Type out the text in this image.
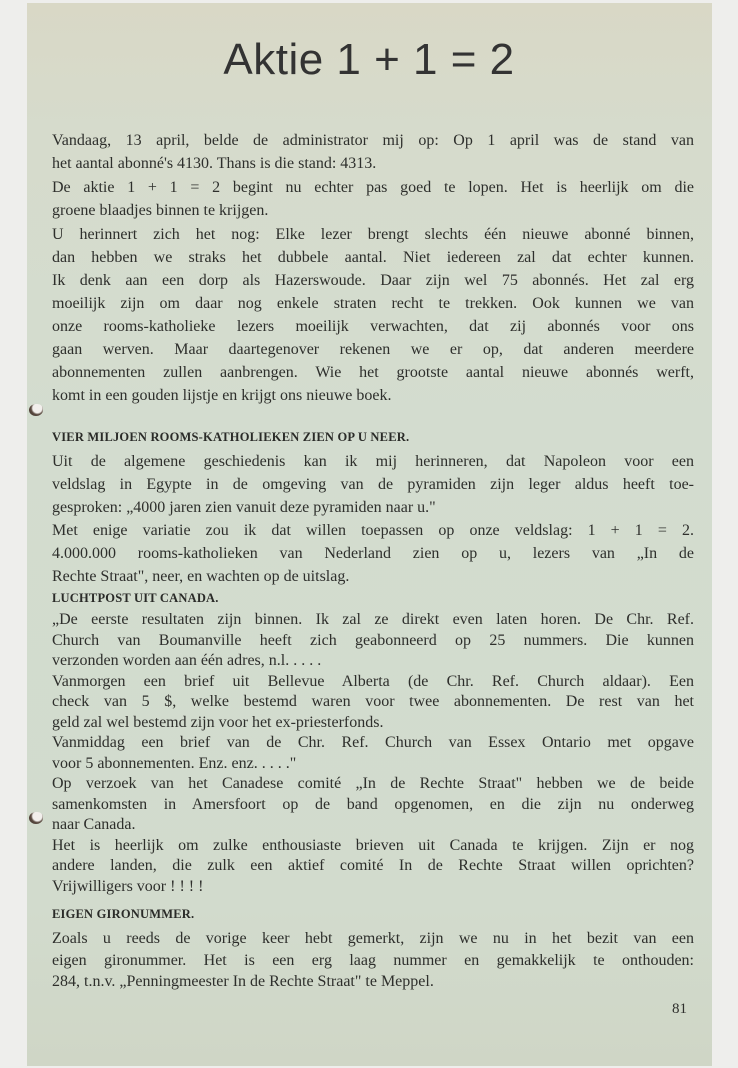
Aktie 1 + 1 = 2

Vandaag, 13 april, belde de administrator mij op: Op 1 april was de stand van
het aantal abonné's 4130. Thans is die stand: 4313.

De aktie 1 + 1 = 2 begint nu echter pas goed te lopen. Het is heerlijk om die
groene blaadjes binnen te krijgen.

U herinnert zich het nog: Elke lezer brengt slechts één nieuwe abonné binnen,
dan hebben we straks het dubbele aantal. Niet iedereen zal dat echter kunnen.
Ik denk aan een dorp als Hazerswoude. Daar zijn wel 75 abonnés. Het zal erg
moeilijk zijn om daar nog enkele straten recht te trekken. Ook kunnen we van
onze rooms-katholieke lezers moeilijk verwachten, dat zij abonnés voor ons
gaan werven. Maar daartegenover rekenen we er op, dat anderen meerdere
abonnementen zullen aanbrengen. Wie het grootste aantal nieuwe abonnés werft,
komt in een gouden lijstje en krijgt ons nieuwe boek.

VIER MILJOEN ROOMS-KATHOLIEKEN ZIEN OP U NEER.

Uit de algemene geschiedenis kan ik mij herinneren, dat Napoleon voor een
veldslag in Egypte in de omgeving van de pyramiden zijn leger aldus heeft toe-
gesproken: „4000 jaren zien vanuit deze pyramiden naar u."

Met enige variatie zou ik dat willen toepassen op onze veldslag: 1 + 1 = 2.
4.000.000 rooms-katholieken van Nederland zien op u, lezers van „In de
Rechte Straat", neer, en wachten op de uitslag.

LUCHTPOST UIT CANADA.

„De eerste resultaten zijn binnen. Ik zal ze direkt even laten horen. De Chr. Ref.
Church van Boumanville heeft zich geabonneerd op 25 nummers. Die kunnen
verzonden worden aan één adres, n.l. . . . .

Vanmorgen een brief uit Bellevue Alberta (de Chr. Ref. Church aldaar). Een
check van 5 $, welke bestemd waren voor twee abonnementen. De rest van het
geld zal wel bestemd zijn voor het ex-priesterfonds.

Vanmiddag een brief van de Chr. Ref. Church van Essex Ontario met opgave
voor 5 abonnementen. Enz. enz. . . . ."

Op verzoek van het Canadese comité „In de Rechte Straat" hebben we de beide
samenkomsten in Amersfoort op de band opgenomen, en die zijn nu onderweg
naar Canada.

Het is heerlijk om zulke enthousiaste brieven uit Canada te krijgen. Zijn er nog
andere landen, die zulk een aktief comité In de Rechte Straat willen oprichten?
Vrijwilligers voor ! ! ! !

EIGEN GIRONUMMER.

Zoals u reeds de vorige keer hebt gemerkt, zijn we nu in het bezit van een
eigen gironummer. Het is een erg laag nummer en gemakkelijk te onthouden:
284, t.n.v. „Penningmeester In de Rechte Straat" te Meppel.

81
